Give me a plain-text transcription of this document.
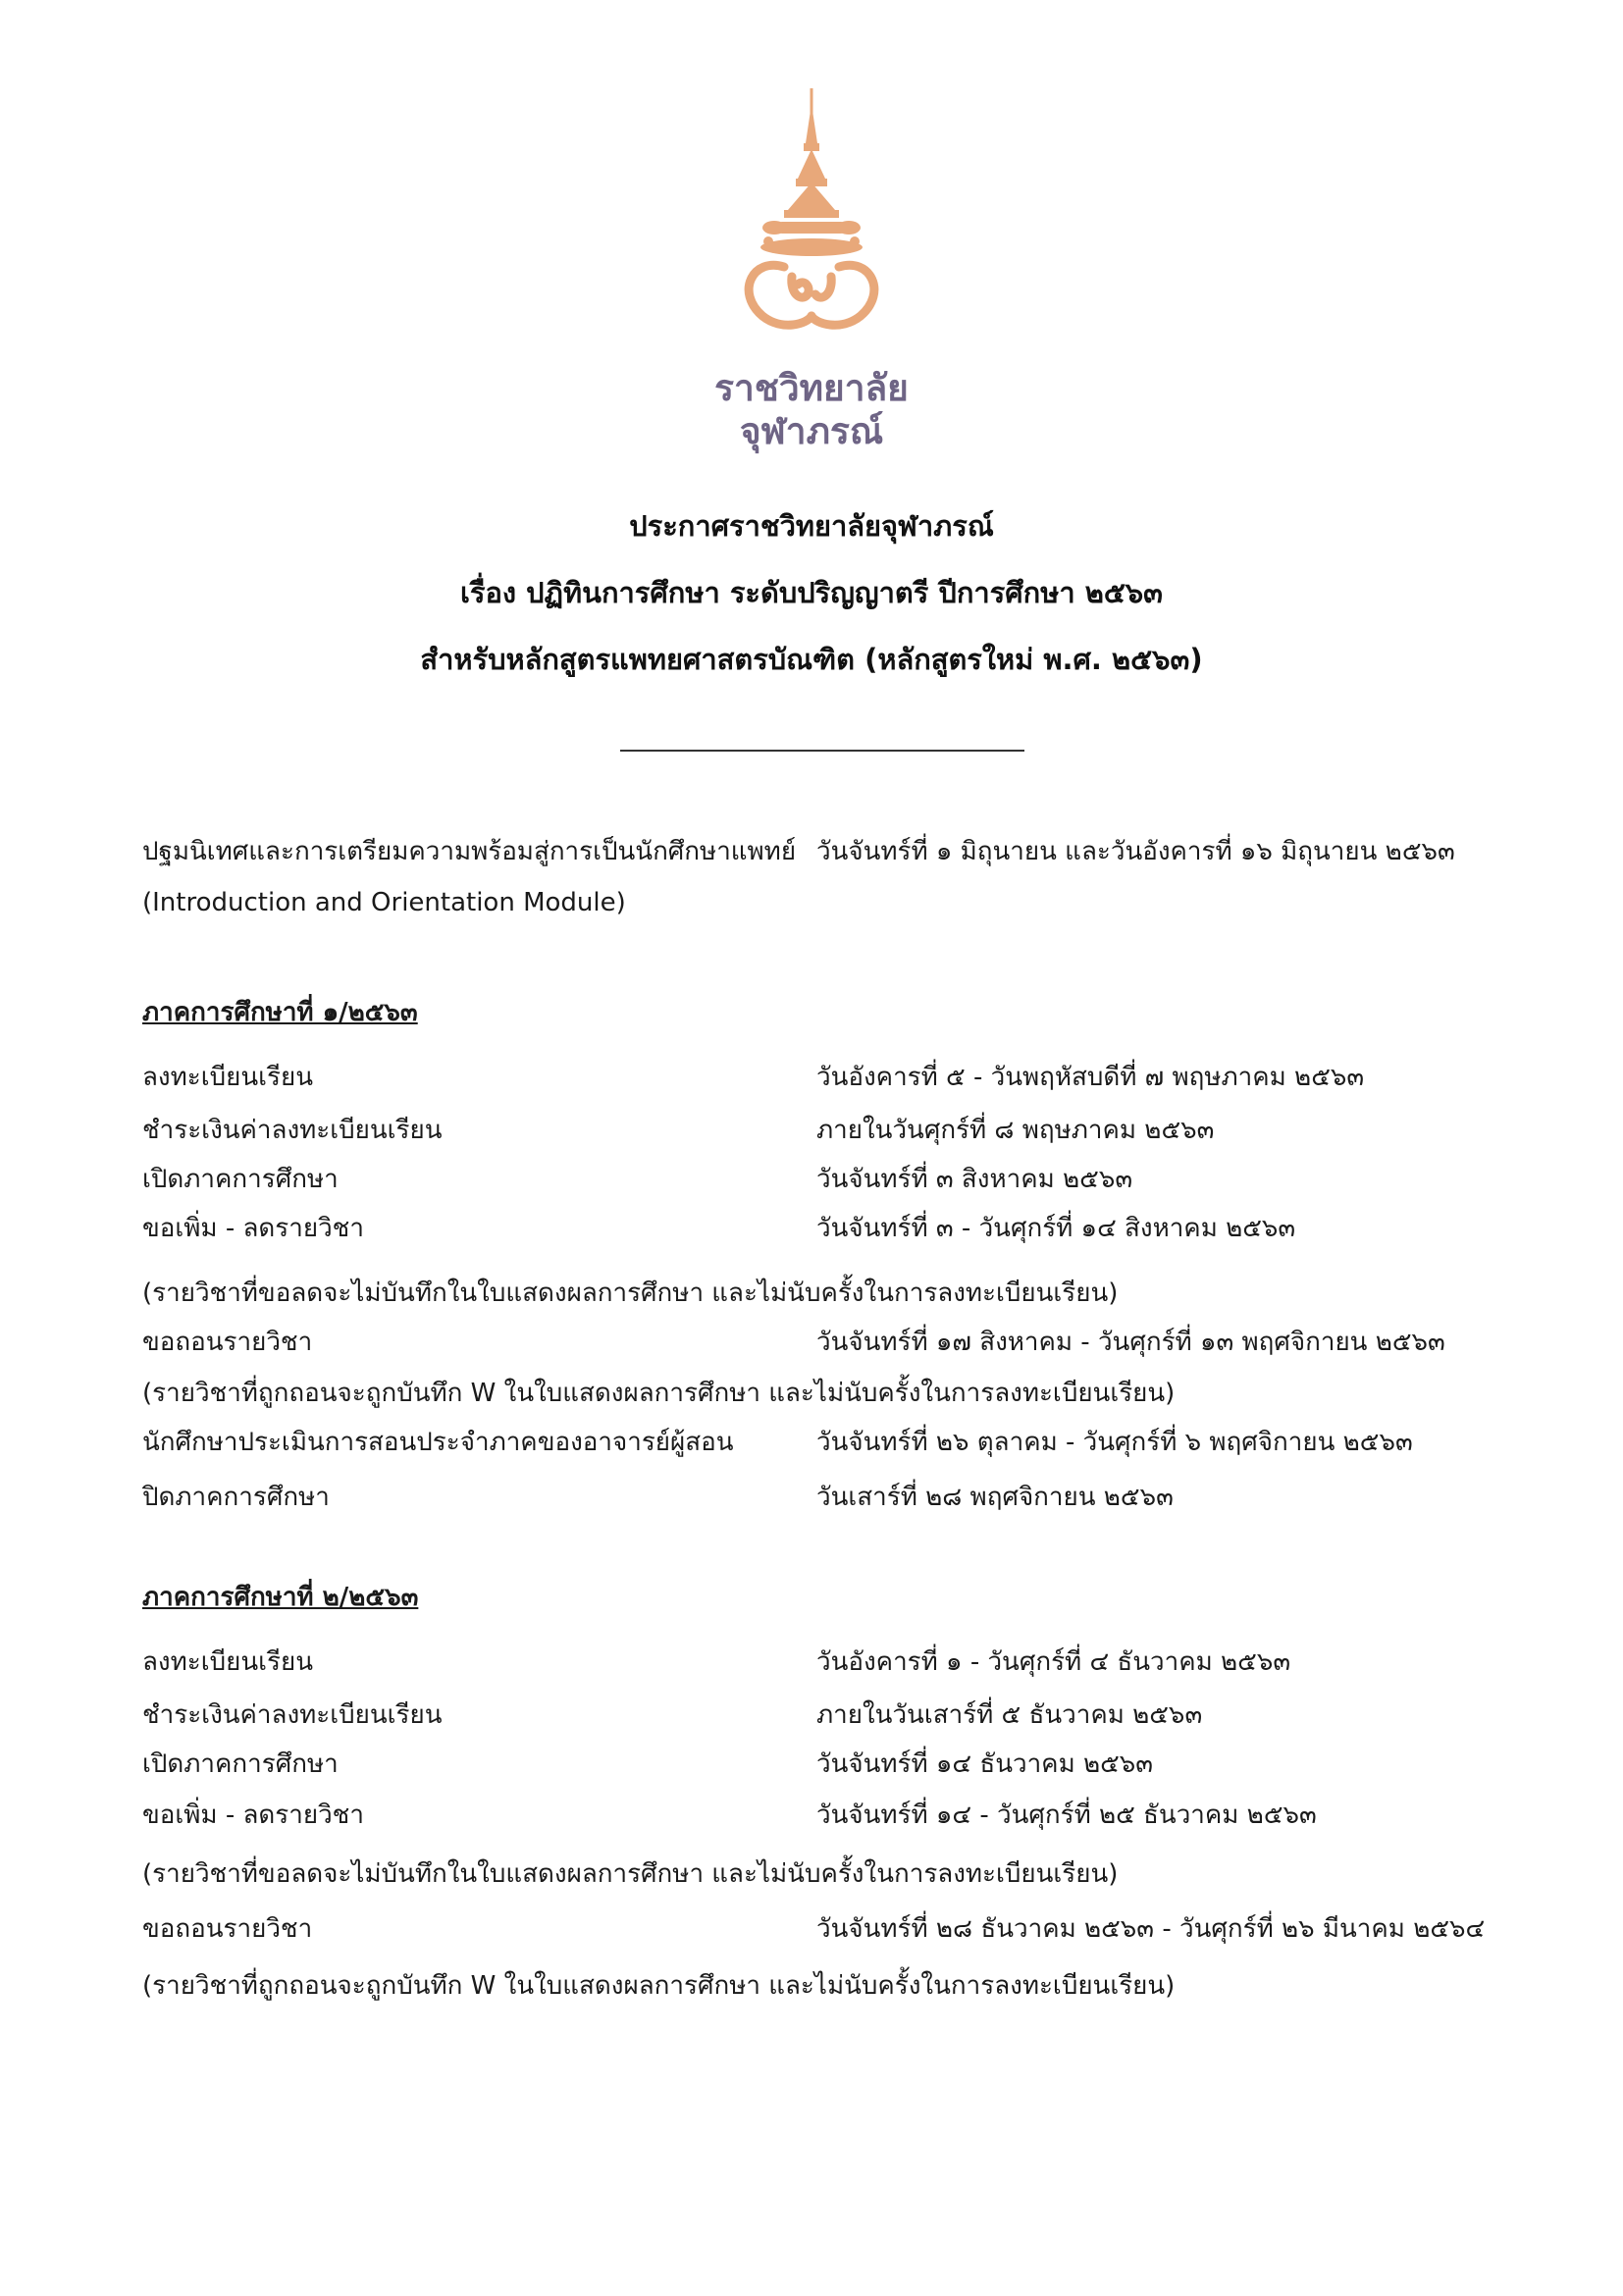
ราชวิทยาลัย
จุฬาภรณ์
ประกาศราชวิทยาลัยจุฬาภรณ์
เรื่อง ปฏิทินการศึกษา ระดับปริญญาตรี ปีการศึกษา ๒๕๖๓
สำหรับหลักสูตรแพทยศาสตรบัณฑิต (หลักสูตรใหม่ พ.ศ. ๒๕๖๓)
ปฐมนิเทศและการเตรียมความพร้อมสู่การเป็นนักศึกษาแพทย์ วันจันทร์ที่ ๑ มิถุนายน และวันอังคารที่ ๑๖ มิถุนายน ๒๕๖๓
(Introduction and Orientation Module)
ภาคการศึกษาที่ ๑/๒๕๖๓
ลงทะเบียนเรียน	วันอังคารที่ ๕ - วันพฤหัสบดีที่ ๗ พฤษภาคม ๒๕๖๓
ชำระเงินค่าลงทะเบียนเรียน	ภายในวันศุกร์ที่ ๘ พฤษภาคม ๒๕๖๓
เปิดภาคการศึกษา	วันจันทร์ที่ ๓ สิงหาคม ๒๕๖๓
ขอเพิ่ม - ลดรายวิชา	วันจันทร์ที่ ๓ - วันศุกร์ที่ ๑๔ สิงหาคม ๒๕๖๓
(รายวิชาที่ขอลดจะไม่บันทึกในใบแสดงผลการศึกษา และไม่นับครั้งในการลงทะเบียนเรียน)
ขอถอนรายวิชา	วันจันทร์ที่ ๑๗ สิงหาคม - วันศุกร์ที่ ๑๓ พฤศจิกายน ๒๕๖๓
(รายวิชาที่ถูกถอนจะถูกบันทึก W ในใบแสดงผลการศึกษา และไม่นับครั้งในการลงทะเบียนเรียน)
นักศึกษาประเมินการสอนประจำภาคของอาจารย์ผู้สอน	วันจันทร์ที่ ๒๖ ตุลาคม - วันศุกร์ที่ ๖ พฤศจิกายน ๒๕๖๓
ปิดภาคการศึกษา	วันเสาร์ที่ ๒๘ พฤศจิกายน ๒๕๖๓
ภาคการศึกษาที่ ๒/๒๕๖๓
ลงทะเบียนเรียน	วันอังคารที่ ๑ - วันศุกร์ที่ ๔ ธันวาคม ๒๕๖๓
ชำระเงินค่าลงทะเบียนเรียน	ภายในวันเสาร์ที่ ๕ ธันวาคม ๒๕๖๓
เปิดภาคการศึกษา	วันจันทร์ที่ ๑๔ ธันวาคม ๒๕๖๓
ขอเพิ่ม - ลดรายวิชา	วันจันทร์ที่ ๑๔ - วันศุกร์ที่ ๒๕ ธันวาคม ๒๕๖๓
(รายวิชาที่ขอลดจะไม่บันทึกในใบแสดงผลการศึกษา และไม่นับครั้งในการลงทะเบียนเรียน)
ขอถอนรายวิชา	วันจันทร์ที่ ๒๘ ธันวาคม ๒๕๖๓ - วันศุกร์ที่ ๒๖ มีนาคม ๒๕๖๔
(รายวิชาที่ถูกถอนจะถูกบันทึก W ในใบแสดงผลการศึกษา และไม่นับครั้งในการลงทะเบียนเรียน)
